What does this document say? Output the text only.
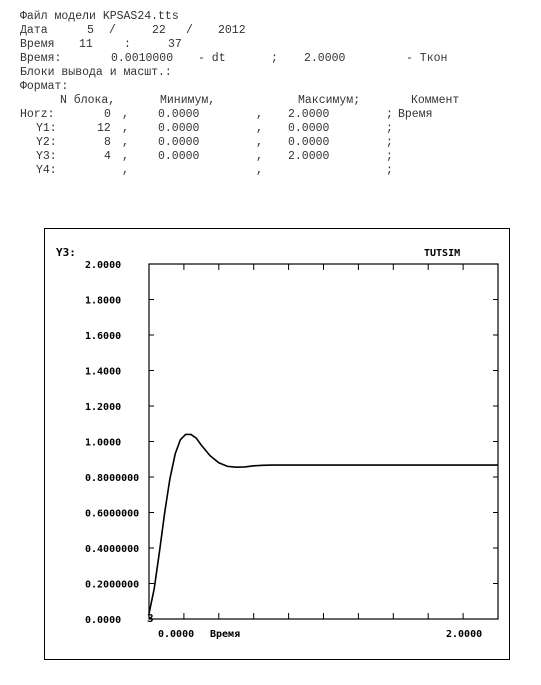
Файл модели KPSAS24.tts
Дата	5 /	22 / 2012
Время 11	:	37
Время:	0.0010000 - dt	; 2.0000	- Ткон
Блоки вывода и масшт.:
Формат:
N блока,	Минимум,	Максимум;	Коммент
Horz:	0 ,	0.0000	, 2.0000	; Время
Y1:	12 ,	0.0000	, 0.0000	;
Y2:	8 ,	0.0000	, 0.0000	;
Y3:	4 ,	0.0000	, 2.0000	;
Y4:	,	,	;
Y3:	TUTSIM
2.0000
1.8000
1.6000
1.4000
1.2000
1.0000
0.8000000
0.6000000
0.4000000
0.2000000
0.0000
0.0000 Время	2.0000
3
